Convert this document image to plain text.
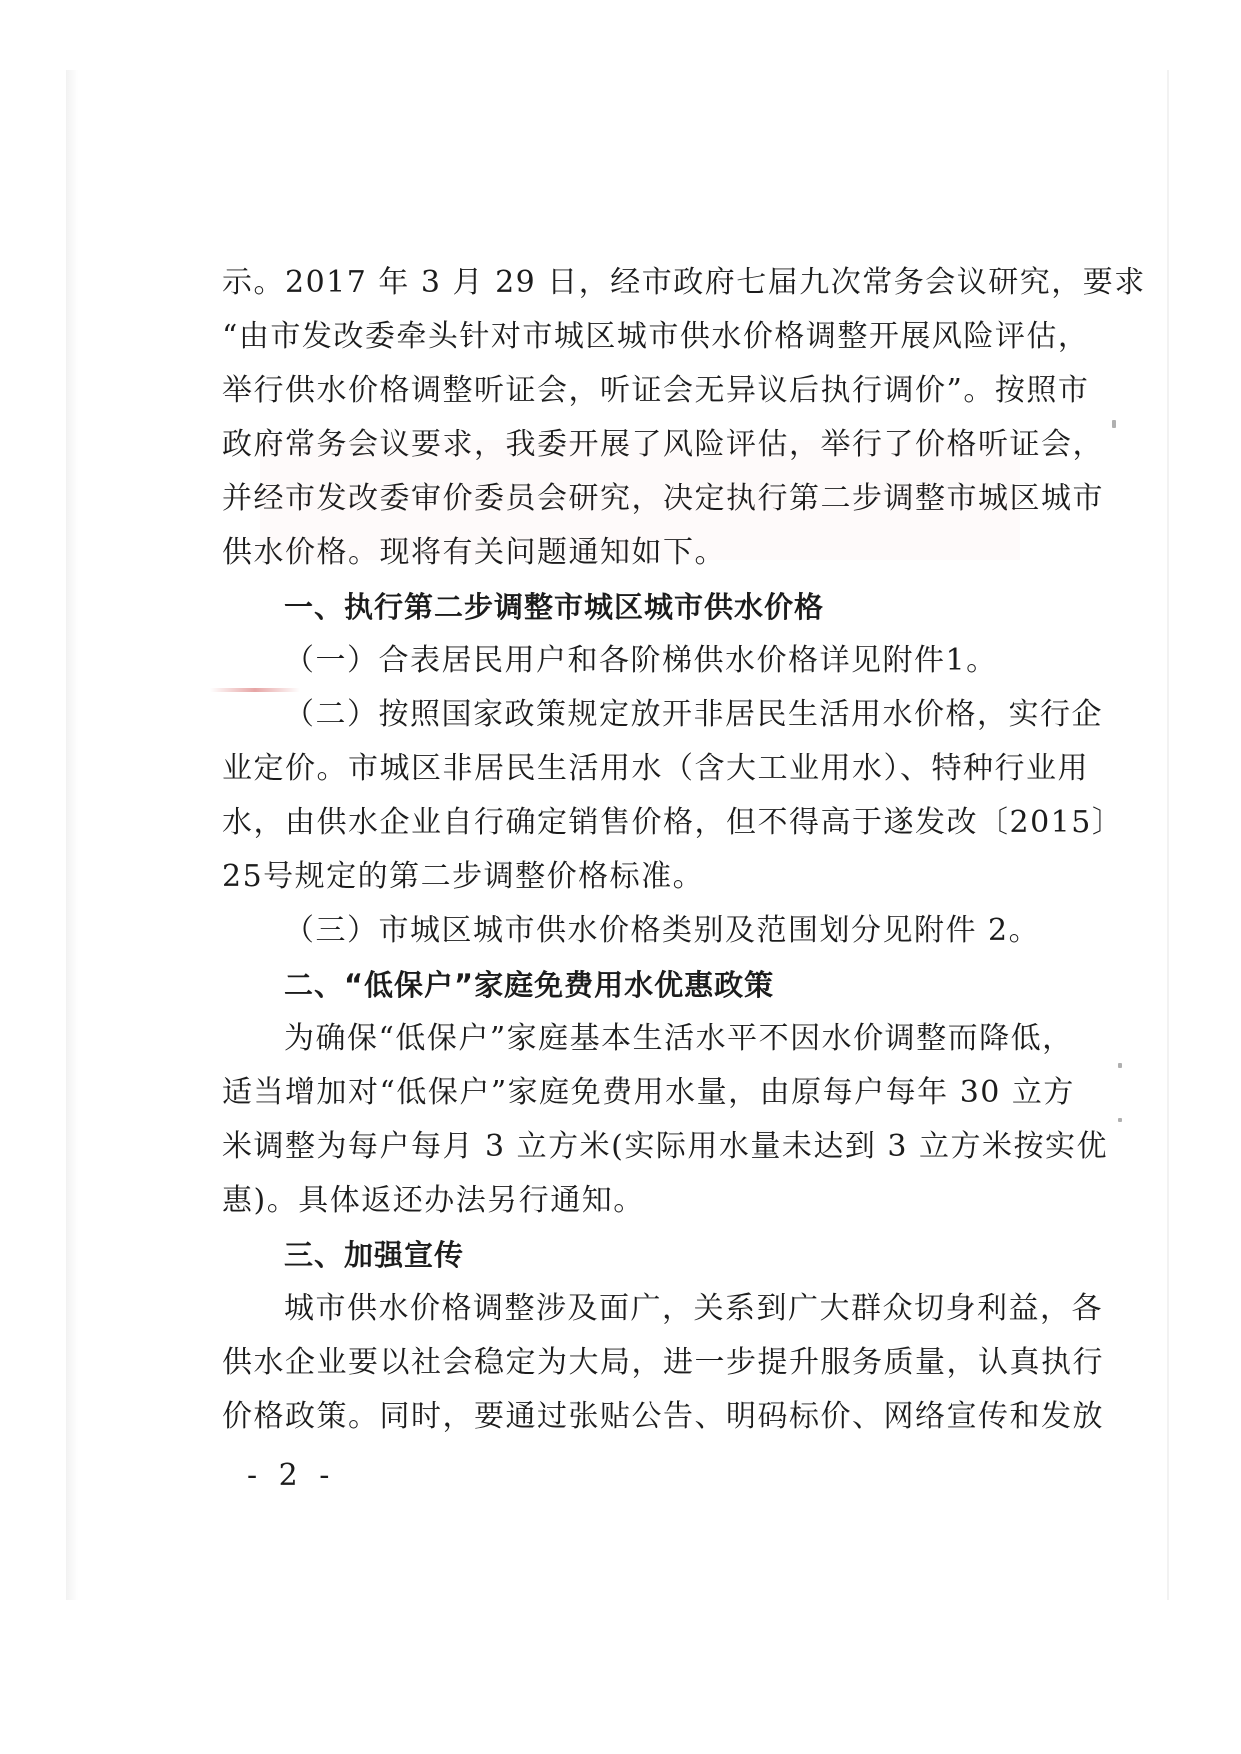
示。2017 年 3 月 29 日，经市政府七届九次常务会议研究，要求
“由市发改委牵头针对市城区城市供水价格调整开展风险评估，
举行供水价格调整听证会，听证会无异议后执行调价”。按照市
政府常务会议要求，我委开展了风险评估，举行了价格听证会，
并经市发改委审价委员会研究，决定执行第二步调整市城区城市
供水价格。现将有关问题通知如下。
一、执行第二步调整市城区城市供水价格
（一）合表居民用户和各阶梯供水价格详见附件1。
（二）按照国家政策规定放开非居民生活用水价格，实行企
业定价。市城区非居民生活用水（含大工业用水）、特种行业用
水，由供水企业自行确定销售价格，但不得高于遂发改〔2015〕
25号规定的第二步调整价格标准。
（三）市城区城市供水价格类别及范围划分见附件 2。
二、“低保户”家庭免费用水优惠政策
为确保“低保户”家庭基本生活水平不因水价调整而降低，
适当增加对“低保户”家庭免费用水量，由原每户每年 30 立方
米调整为每户每月 3 立方米(实际用水量未达到 3 立方米按实优
惠)。具体返还办法另行通知。
三、加强宣传
城市供水价格调整涉及面广，关系到广大群众切身利益，各
供水企业要以社会稳定为大局，进一步提升服务质量，认真执行
价格政策。同时，要通过张贴公告、明码标价、网络宣传和发放
- 2 -
